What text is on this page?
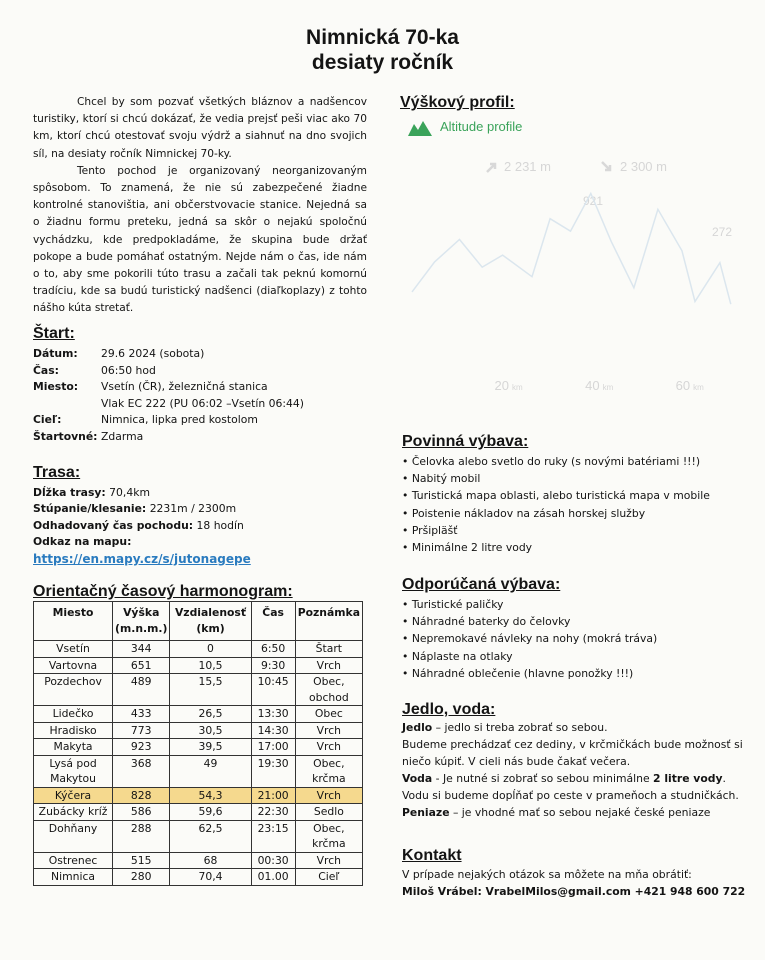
Nimnická 70-ka
desiaty ročník

Chcel by som pozvať všetkých bláznov a nadšencov turistiky, ktorí si chcú dokázať, že vedia prejsť peši viac ako 70 km, ktorí chcú otestovať svoju výdrž a siahnuť na dno svojich síl, na desiaty ročník Nimnickej 70-ky.

Tento pochod je organizovaný neorganizovaným spôsobom. To znamená, že nie sú zabezpečené žiadne kontrolné stanovištia, ani občerstvovacie stanice. Nejedná sa o žiadnu formu preteku, jedná sa skôr o nejakú spoločnú vychádzku, kde predpokladáme, že skupina bude držať pokope a bude pomáhať ostatným. Nejde nám o čas, ide nám o to, aby sme pokorili túto trasu a začali tak peknú komornú tradíciu, kde sa budú turistický nadšenci (diaľkoplazy) z tohto nášho kúta stretať.

Štart:
Dátum: 29.6 2024 (sobota)
Čas:	06:50 hod
Miesto: Vsetín (ČR), železničná stanica
Vlak EC 222 (PU 06:02 –Vsetín 06:44)
Cieľ:	Nimnica, lipka pred kostolom
Štartovné: Zdarma
Trasa:
Dĺžka trasy: 70,4km
Stúpanie/klesanie: 2231m / 2300m
Odhadovaný čas pochodu: 18 hodín
Odkaz na mapu:
https://en.mapy.cz/s/jutonagepe
Orientačný časový harmonogram:
Miesto	Výška (m.n.m.)	Vzdialenosť (km)	Čas	Poznámka
Vsetín	344	0	6:50	Štart
Vartovna	651	10,5	9:30	Vrch
Pozdechov	489	15,5	10:45	Obec, obchod
Lidečko	433	26,5	13:30	Obec
Hradisko	773	30,5	14:30	Vrch
Makyta	923	39,5	17:00	Vrch
Lysá pod Makytou	368	49	19:30	Obec, krčma
Kýčera	828	54,3	21:00	Vrch
Zubácky kríž	586	59,6	22:30	Sedlo
Dohňany	288	62,5	23:15	Obec, krčma
Ostrenec	515	68	00:30	Vrch
Nimnica	280	70,4	01.00	Cieľ
Výškový profil:
Altitude profile
2 231 m	2 300 m
921
272
20 km	40 km	60 km
Povinná výbava:
• Čelovka alebo svetlo do ruky (s novými batériami !!!)
• Nabitý mobil
• Turistická mapa oblasti, alebo turistická mapa v mobile
• Poistenie nákladov na zásah horskej služby
• Pršipläšť
• Minimálne 2 litre vody
Odporúčaná výbava:
• Turistické paličky
• Náhradné baterky do čelovky
• Nepremokavé návleky na nohy (mokrá tráva)
• Náplaste na otlaky
• Náhradné oblečenie (hlavne ponožky !!!)
Jedlo, voda:
Jedlo – jedlo si treba zobrať so sebou.
Budeme prechádzať cez dediny, v krčmičkách bude možnosť si niečo kúpiť. V cieli nás bude čakať večera.
Voda - Je nutné si zobrať so sebou minimálne 2 litre vody. Vodu si budeme dopĺňať po ceste v prameňoch a studničkách.
Peniaze – je vhodné mať so sebou nejaké české peniaze
Kontakt
V prípade nejakých otázok sa môžete na mňa obrátiť:
Miloš Vrábel: VrabelMilos@gmail.com +421 948 600 722
